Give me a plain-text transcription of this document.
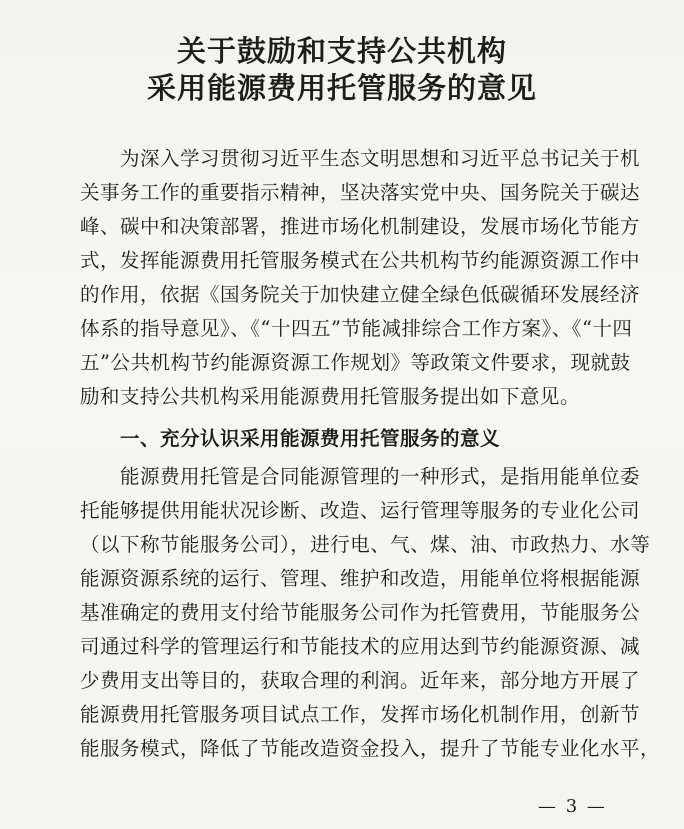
关于鼓励和支持公共机构
采用能源费用托管服务的意见
为深入学习贯彻习近平生态文明思想和习近平总书记关于机
关事务工作的重要指示精神，坚决落实党中央、国务院关于碳达
峰、碳中和决策部署，推进市场化机制建设，发展市场化节能方
式，发挥能源费用托管服务模式在公共机构节约能源资源工作中
的作用，依据《国务院关于加快建立健全绿色低碳循环发展经济
体系的指导意见》、《“十四五”节能减排综合工作方案》、《“十四
五”公共机构节约能源资源工作规划》等政策文件要求，现就鼓
励和支持公共机构采用能源费用托管服务提出如下意见。
一、充分认识采用能源费用托管服务的意义
能源费用托管是合同能源管理的一种形式，是指用能单位委
托能够提供用能状况诊断、改造、运行管理等服务的专业化公司
（以下称节能服务公司），进行电、气、煤、油、市政热力、水等
能源资源系统的运行、管理、维护和改造，用能单位将根据能源
基准确定的费用支付给节能服务公司作为托管费用，节能服务公
司通过科学的管理运行和节能技术的应用达到节约能源资源、减
少费用支出等目的，获取合理的利润。近年来，部分地方开展了
能源费用托管服务项目试点工作，发挥市场化机制作用，创新节
能服务模式，降低了节能改造资金投入，提升了节能专业化水平，
— 3 —
